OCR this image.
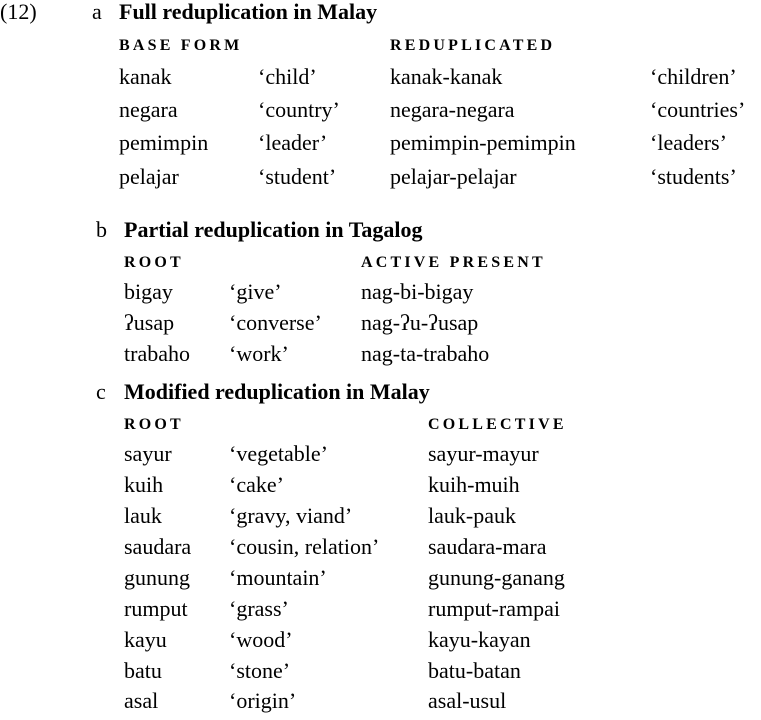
(12)	a Full reduplication in Malay
BASE FORM	REDUPLICATED
kanak	‘child’	kanak-kanak	‘children’
negara	‘country’ negara-negara	‘countries’
pemimpin ‘leader’	pemimpin-pemimpin	‘leaders’
pelajar	‘student’ pelajar-pelajar	‘students’
b Partial reduplication in Tagalog
ROOT	ACTIVE PRESENT
bigay	‘give’	nag-bi-bigay
ʔusap ‘converse’ nag-ʔu-ʔusap
trabaho ‘work’	nag-ta-trabaho
c Modified reduplication in Malay
ROOT	COLLECTIVE
sayur	‘vegetable’	sayur-mayur
kuih	‘cake’	kuih-muih
lauk	‘gravy, viand’	lauk-pauk
saudara ‘cousin, relation’ saudara-mara
gunung ‘mountain’	gunung-ganang
rumput ‘grass’	rumput-rampai
kayu	‘wood’	kayu-kayan
batu	‘stone’	batu-batan
asal	‘origin’	asal-usul
